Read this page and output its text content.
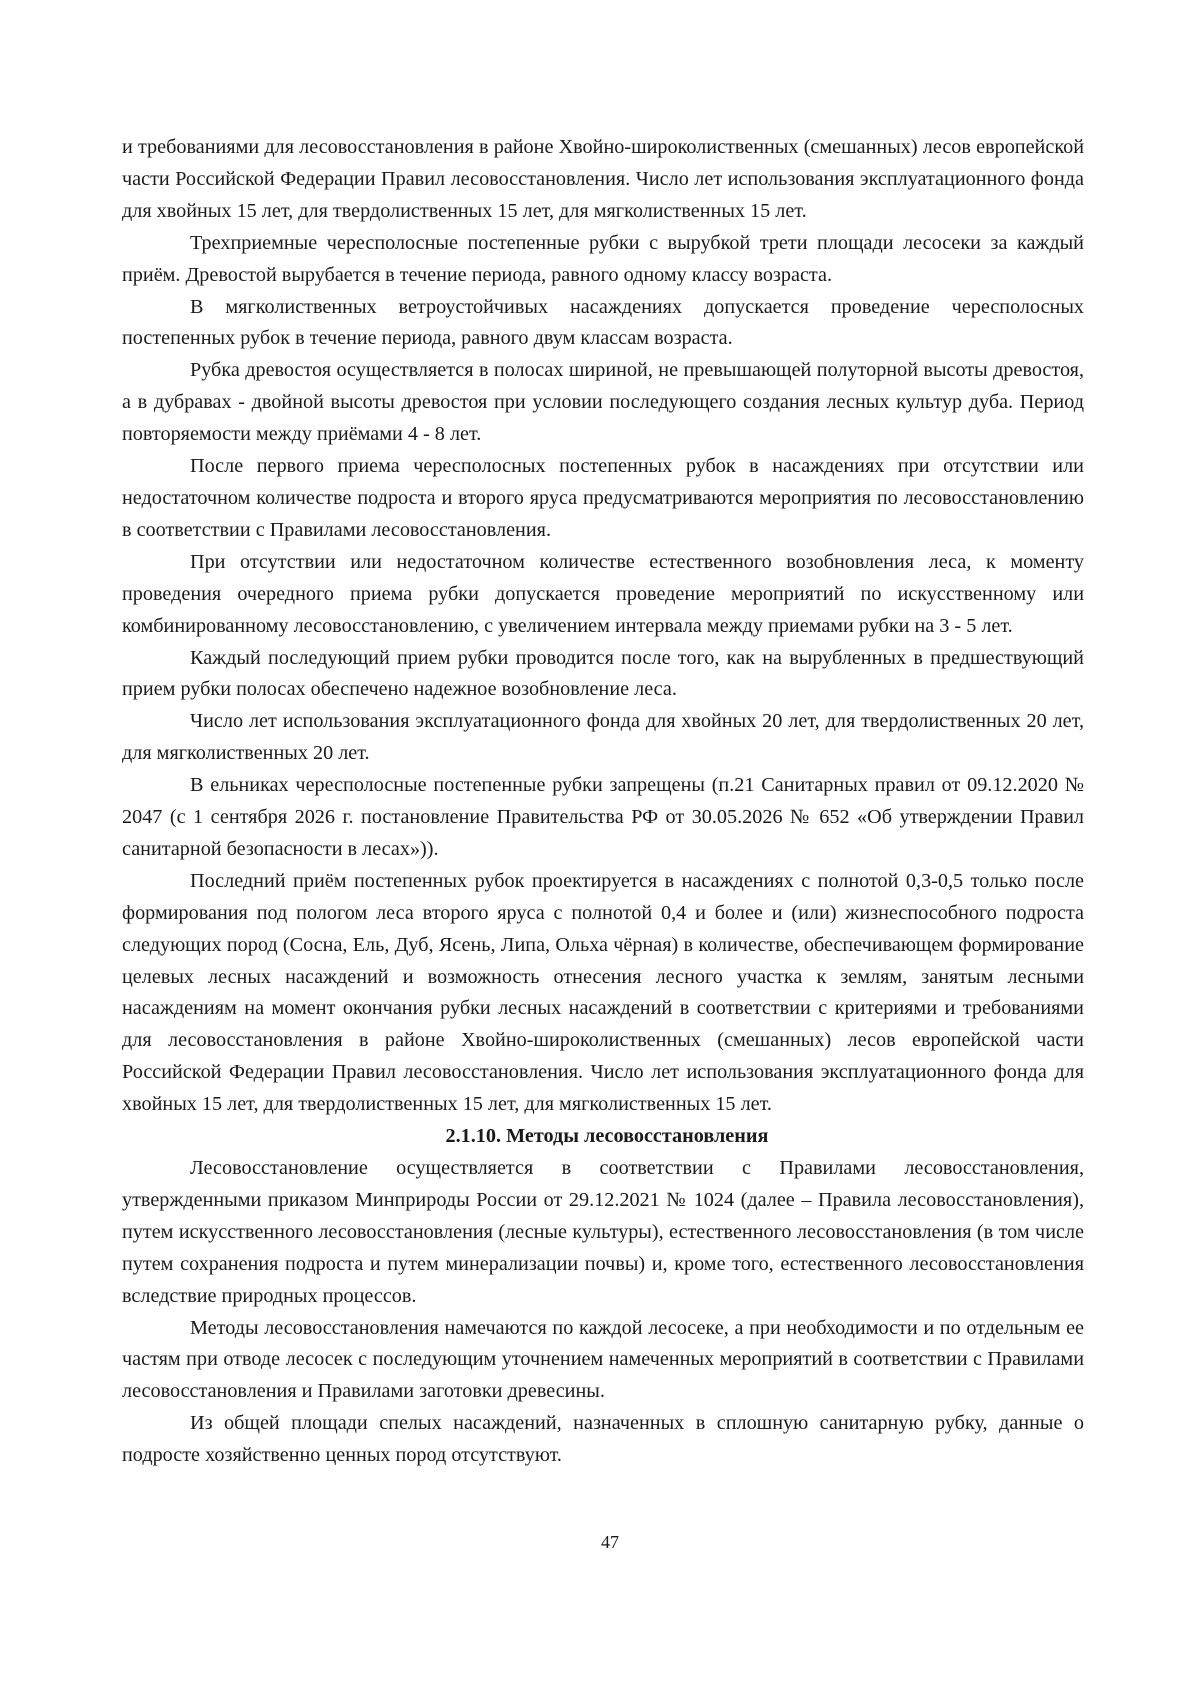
и требованиями для лесовосстановления в районе Хвойно-широколиственных (смешанных) лесов европейской части Российской Федерации Правил лесовосстановления. Число лет использования эксплуатационного фонда для хвойных 15 лет, для твердолиственных 15 лет, для мягколиственных 15 лет.

Трехприемные чересполосные постепенные рубки с вырубкой трети площади лесосеки за каждый приём. Древостой вырубается в течение периода, равного одному классу возраста.

В мягколиственных ветроустойчивых насаждениях допускается проведение чересполосных постепенных рубок в течение периода, равного двум классам возраста.

Рубка древостоя осуществляется в полосах шириной, не превышающей полуторной высоты древостоя, а в дубравах - двойной высоты древостоя при условии последующего создания лесных культур дуба. Период повторяемости между приёмами 4 - 8 лет.

После первого приема чересполосных постепенных рубок в насаждениях при отсутствии или недостаточном количестве подроста и второго яруса предусматриваются мероприятия по лесовосстановлению в соответствии с Правилами лесовосстановления.

При отсутствии или недостаточном количестве естественного возобновления леса, к моменту проведения очередного приема рубки допускается проведение мероприятий по искусственному или комбинированному лесовосстановлению, с увеличением интервала между приемами рубки на 3 - 5 лет.

Каждый последующий прием рубки проводится после того, как на вырубленных в предшествующий прием рубки полосах обеспечено надежное возобновление леса.

Число лет использования эксплуатационного фонда для хвойных 20 лет, для твердолиственных 20 лет, для мягколиственных 20 лет.

В ельниках чересполосные постепенные рубки запрещены (п.21 Санитарных правил от 09.12.2020 № 2047 (с 1 сентября 2026 г. постановление Правительства РФ от 30.05.2026 № 652 «Об утверждении Правил санитарной безопасности в лесах»)).

Последний приём постепенных рубок проектируется в насаждениях с полнотой 0,3-0,5 только после формирования под пологом леса второго яруса с полнотой 0,4 и более и (или) жизнеспособного подроста следующих пород (Сосна, Ель, Дуб, Ясень, Липа, Ольха чёрная) в количестве, обеспечивающем формирование целевых лесных насаждений и возможность отнесения лесного участка к землям, занятым лесными насаждениям на момент окончания рубки лесных насаждений в соответствии с критериями и требованиями для лесовосстановления в районе Хвойно-широколиственных (смешанных) лесов европейской части Российской Федерации Правил лесовосстановления. Число лет использования эксплуатационного фонда для хвойных 15 лет, для твердолиственных 15 лет, для мягколиственных 15 лет.

2.1.10. Методы лесовосстановления

Лесовосстановление осуществляется в соответствии с Правилами лесовосстановления, утвержденными приказом Минприроды России от 29.12.2021 № 1024 (далее – Правила лесовосстановления), путем искусственного лесовосстановления (лесные культуры), естественного лесовосстановления (в том числе путем сохранения подроста и путем минерализации почвы) и, кроме того, естественного лесовосстановления вследствие природных процессов.

Методы лесовосстановления намечаются по каждой лесосеке, а при необходимости и по отдельным ее частям при отводе лесосек с последующим уточнением намеченных мероприятий в соответствии с Правилами лесовосстановления и Правилами заготовки древесины.

Из общей площади спелых насаждений, назначенных в сплошную санитарную рубку, данные о подросте хозяйственно ценных пород отсутствуют.

47
